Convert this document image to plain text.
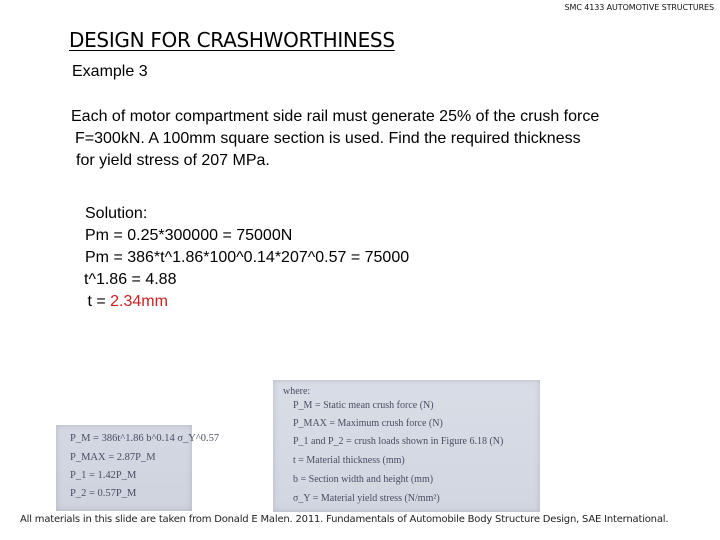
SMC 4133 AUTOMOTIVE STRUCTURES
DESIGN FOR CRASHWORTHINESS
Example 3
Each of motor compartment side rail must generate 25% of the crush force
F=300kN. A 100mm square section is used. Find the required thickness
for yield stress of 207 MPa.
Solution:
Pm = 0.25*300000 = 75000N
Pm = 386*t^1.86*100^0.14*207^0.57 = 75000
t^1.86 = 4.88
t = 2.34mm
P_M = 386t^1.86 b^0.14 σ_Y^0.57
P_MAX = 2.87P_M
P_1 = 1.42P_M
P_2 = 0.57P_M
where:
P_M = Static mean crush force (N)
P_MAX = Maximum crush force (N)
P_1 and P_2 = crush loads shown in Figure 6.18 (N)
t = Material thickness (mm)
b = Section width and height (mm)
σ_Y = Material yield stress (N/mm²)
All materials in this slide are taken from Donald E Malen. 2011. Fundamentals of Automobile Body Structure Design, SAE International.
